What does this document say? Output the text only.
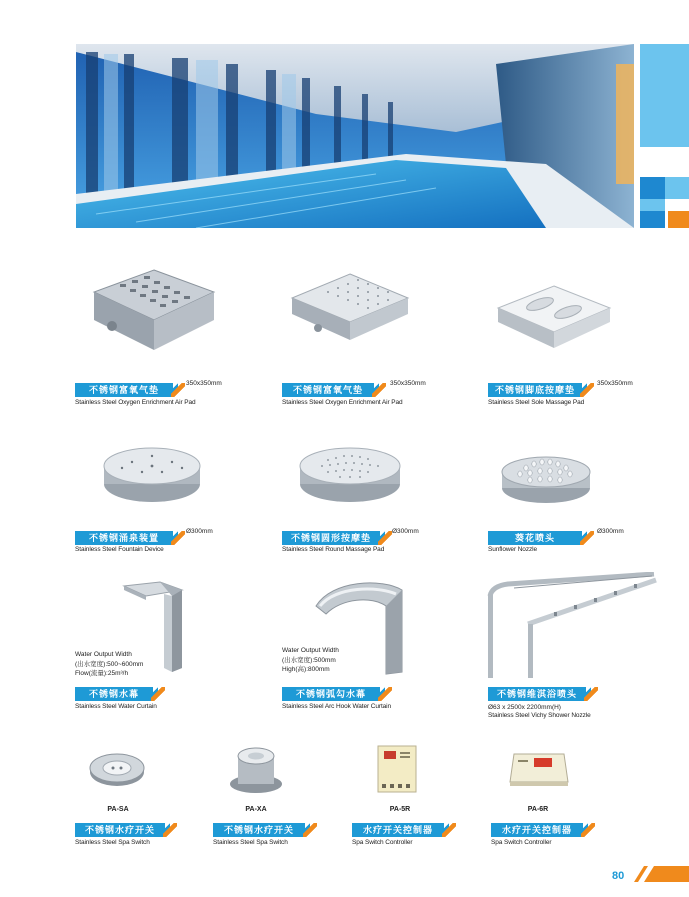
不锈钢富氧气垫
350x350mm
Stainless Steel Oxygen Enrichment Air Pad
不锈钢富氧气垫
350x350mm
Stainless Steel Oxygen Enrichment Air Pad
不锈钢脚底按摩垫
350x350mm
Stainless Steel Sole Massage Pad
不锈钢涌泉装置
Ø300mm
Stainless Steel Fountain Device
不锈钢圆形按摩垫
Ø300mm
Stainless Steel Round Massage Pad
葵花喷头
Ø300mm
Sunflower Nozzle
Water Output Width
(出水宽度):500~600mm
Flow(流量):25m³/h
不锈钢水幕
Stainless Steel Water Curtain
Water Output Width
(出水宽度):500mm
High(高):800mm
不锈钢弧勾水幕
Stainless Steel Arc Hook Water Curtain
不锈钢维淇浴喷头
Ø63 x 2500x 2200mm(H)
Stainless Steel Vichy Shower Nozzle
PA-SA
不锈钢水疗开关
Stainless Steel Spa Switch
PA-XA
不锈钢水疗开关
Stainless Steel Spa Switch
PA-5R
水疗开关控制器
Spa Switch Controller
PA-6R
水疗开关控制器
Spa Switch Controller
80
